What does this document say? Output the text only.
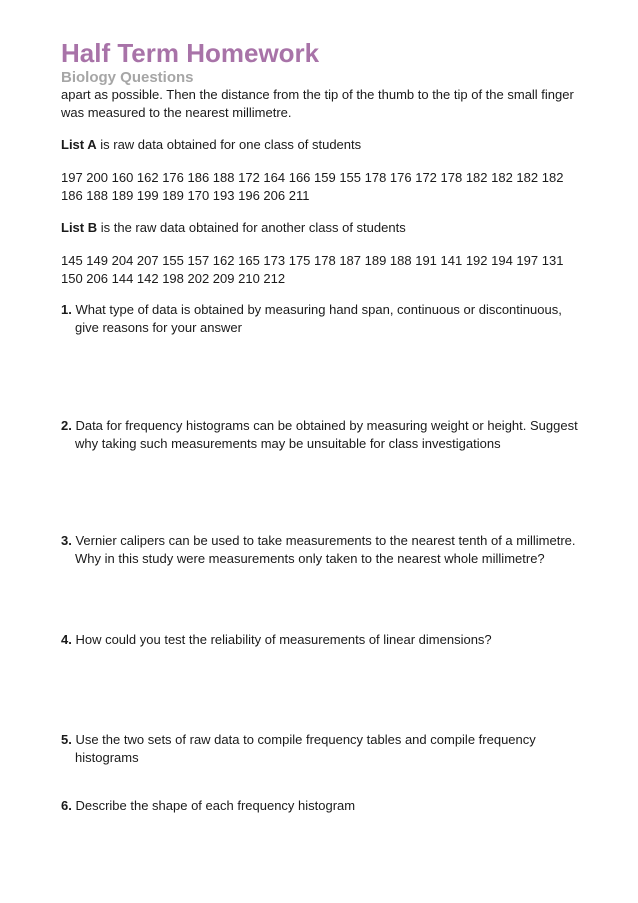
Half Term Homework
Biology Questions

apart as possible. Then the distance from the tip of the thumb to the tip of the small finger
was measured to the nearest millimetre.

List A is raw data obtained for one class of students

197 200 160 162 176 186 188 172 164 166 159 155 178 176 172 178 182 182 182 182
186 188 189 199 189 170 193 196 206 211

List B is the raw data obtained for another class of students

145 149 204 207 155 157 162 165 173 175 178 187 189 188 191 141 192 194 197 131
150 206 144 142 198 202 209 210 212

1. What type of data is obtained by measuring hand span, continuous or discontinuous,
give reasons for your answer

2. Data for frequency histograms can be obtained by measuring weight or height. Suggest
why taking such measurements may be unsuitable for class investigations

3. Vernier calipers can be used to take measurements to the nearest tenth of a millimetre.
Why in this study were measurements only taken to the nearest whole millimetre?

4. How could you test the reliability of measurements of linear dimensions?

5. Use the two sets of raw data to compile frequency tables and compile frequency
histograms

6. Describe the shape of each frequency histogram
